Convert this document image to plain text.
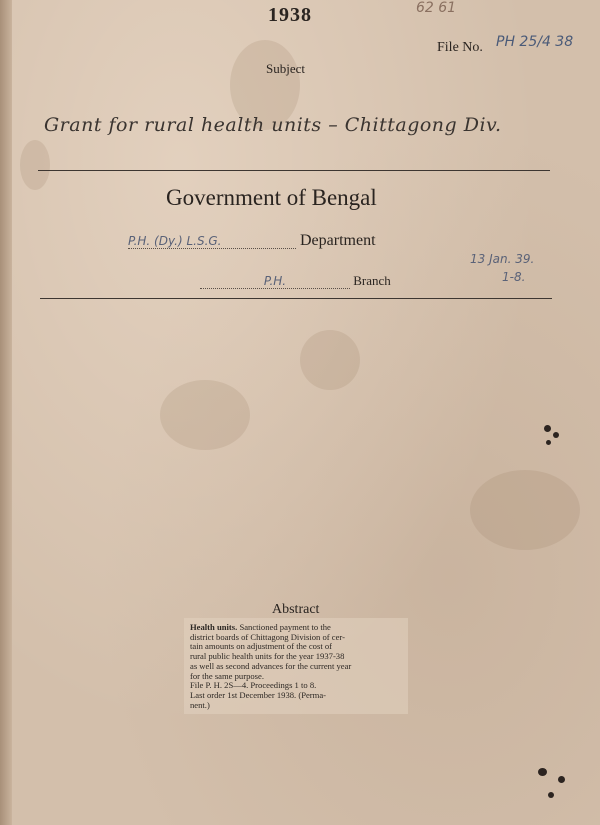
62 61
1938
File No. PH 25/4 38
Subject
Grant for rural health units – Chittagong Div.
Government of Bengal
P.H. (Dy.) L.S.G.	Department
13 Jan. 39.
1-8.
P.H.	Branch
Abstract
Health units. Sanctioned payment to the
district boards of Chittagong Division of cer-
tain amounts on adjustment of the cost of
rural public health units for the year 1937-38
as well as second advances for the current year
for the same purpose.
File P. H. 2S—4. Proceedings 1 to 8.
Last order 1st December 1938. (Perma-
nent.)
